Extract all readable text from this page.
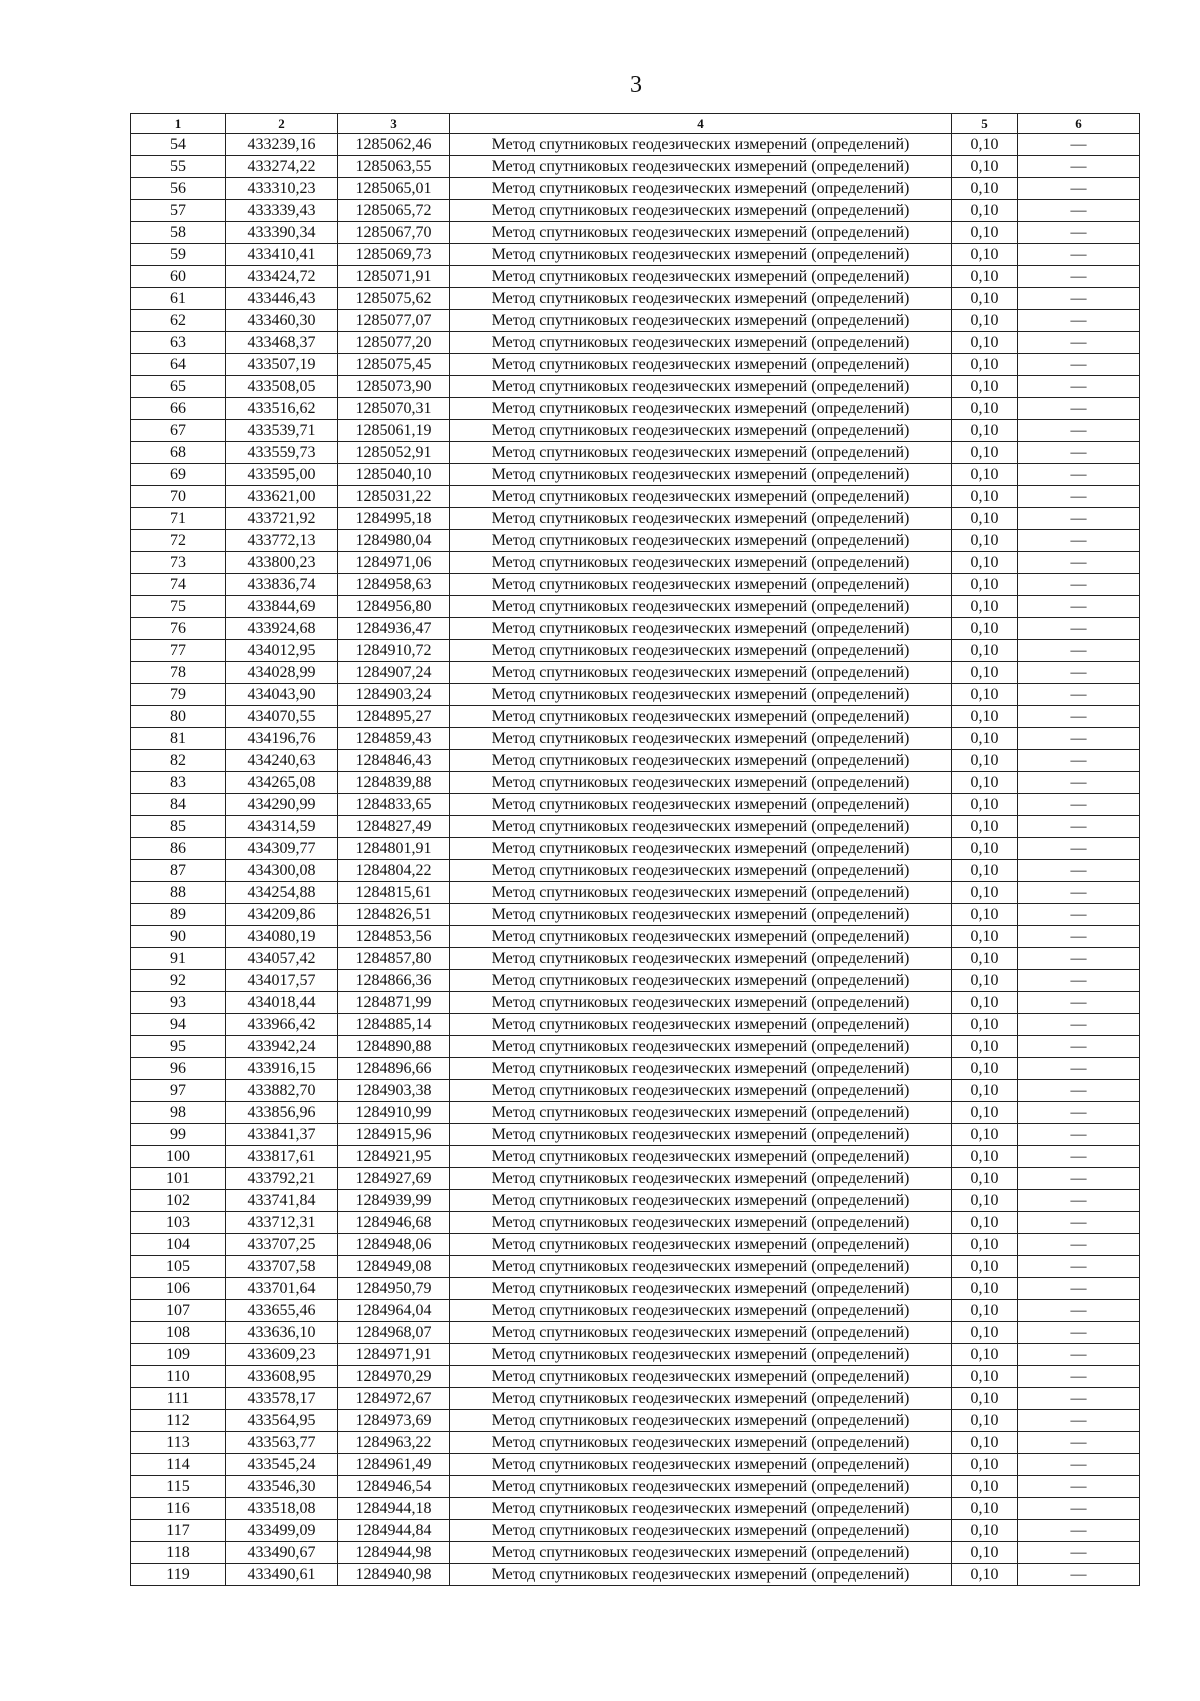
3
1	2	3	4	5	6
54	433239,16	1285062,46	Метод спутниковых геодезических измерений (определений)	0,10	—
55	433274,22	1285063,55	Метод спутниковых геодезических измерений (определений)	0,10	—
56	433310,23	1285065,01	Метод спутниковых геодезических измерений (определений)	0,10	—
57	433339,43	1285065,72	Метод спутниковых геодезических измерений (определений)	0,10	—
58	433390,34	1285067,70	Метод спутниковых геодезических измерений (определений)	0,10	—
59	433410,41	1285069,73	Метод спутниковых геодезических измерений (определений)	0,10	—
60	433424,72	1285071,91	Метод спутниковых геодезических измерений (определений)	0,10	—
61	433446,43	1285075,62	Метод спутниковых геодезических измерений (определений)	0,10	—
62	433460,30	1285077,07	Метод спутниковых геодезических измерений (определений)	0,10	—
63	433468,37	1285077,20	Метод спутниковых геодезических измерений (определений)	0,10	—
64	433507,19	1285075,45	Метод спутниковых геодезических измерений (определений)	0,10	—
65	433508,05	1285073,90	Метод спутниковых геодезических измерений (определений)	0,10	—
66	433516,62	1285070,31	Метод спутниковых геодезических измерений (определений)	0,10	—
67	433539,71	1285061,19	Метод спутниковых геодезических измерений (определений)	0,10	—
68	433559,73	1285052,91	Метод спутниковых геодезических измерений (определений)	0,10	—
69	433595,00	1285040,10	Метод спутниковых геодезических измерений (определений)	0,10	—
70	433621,00	1285031,22	Метод спутниковых геодезических измерений (определений)	0,10	—
71	433721,92	1284995,18	Метод спутниковых геодезических измерений (определений)	0,10	—
72	433772,13	1284980,04	Метод спутниковых геодезических измерений (определений)	0,10	—
73	433800,23	1284971,06	Метод спутниковых геодезических измерений (определений)	0,10	—
74	433836,74	1284958,63	Метод спутниковых геодезических измерений (определений)	0,10	—
75	433844,69	1284956,80	Метод спутниковых геодезических измерений (определений)	0,10	—
76	433924,68	1284936,47	Метод спутниковых геодезических измерений (определений)	0,10	—
77	434012,95	1284910,72	Метод спутниковых геодезических измерений (определений)	0,10	—
78	434028,99	1284907,24	Метод спутниковых геодезических измерений (определений)	0,10	—
79	434043,90	1284903,24	Метод спутниковых геодезических измерений (определений)	0,10	—
80	434070,55	1284895,27	Метод спутниковых геодезических измерений (определений)	0,10	—
81	434196,76	1284859,43	Метод спутниковых геодезических измерений (определений)	0,10	—
82	434240,63	1284846,43	Метод спутниковых геодезических измерений (определений)	0,10	—
83	434265,08	1284839,88	Метод спутниковых геодезических измерений (определений)	0,10	—
84	434290,99	1284833,65	Метод спутниковых геодезических измерений (определений)	0,10	—
85	434314,59	1284827,49	Метод спутниковых геодезических измерений (определений)	0,10	—
86	434309,77	1284801,91	Метод спутниковых геодезических измерений (определений)	0,10	—
87	434300,08	1284804,22	Метод спутниковых геодезических измерений (определений)	0,10	—
88	434254,88	1284815,61	Метод спутниковых геодезических измерений (определений)	0,10	—
89	434209,86	1284826,51	Метод спутниковых геодезических измерений (определений)	0,10	—
90	434080,19	1284853,56	Метод спутниковых геодезических измерений (определений)	0,10	—
91	434057,42	1284857,80	Метод спутниковых геодезических измерений (определений)	0,10	—
92	434017,57	1284866,36	Метод спутниковых геодезических измерений (определений)	0,10	—
93	434018,44	1284871,99	Метод спутниковых геодезических измерений (определений)	0,10	—
94	433966,42	1284885,14	Метод спутниковых геодезических измерений (определений)	0,10	—
95	433942,24	1284890,88	Метод спутниковых геодезических измерений (определений)	0,10	—
96	433916,15	1284896,66	Метод спутниковых геодезических измерений (определений)	0,10	—
97	433882,70	1284903,38	Метод спутниковых геодезических измерений (определений)	0,10	—
98	433856,96	1284910,99	Метод спутниковых геодезических измерений (определений)	0,10	—
99	433841,37	1284915,96	Метод спутниковых геодезических измерений (определений)	0,10	—
100	433817,61	1284921,95	Метод спутниковых геодезических измерений (определений)	0,10	—
101	433792,21	1284927,69	Метод спутниковых геодезических измерений (определений)	0,10	—
102	433741,84	1284939,99	Метод спутниковых геодезических измерений (определений)	0,10	—
103	433712,31	1284946,68	Метод спутниковых геодезических измерений (определений)	0,10	—
104	433707,25	1284948,06	Метод спутниковых геодезических измерений (определений)	0,10	—
105	433707,58	1284949,08	Метод спутниковых геодезических измерений (определений)	0,10	—
106	433701,64	1284950,79	Метод спутниковых геодезических измерений (определений)	0,10	—
107	433655,46	1284964,04	Метод спутниковых геодезических измерений (определений)	0,10	—
108	433636,10	1284968,07	Метод спутниковых геодезических измерений (определений)	0,10	—
109	433609,23	1284971,91	Метод спутниковых геодезических измерений (определений)	0,10	—
110	433608,95	1284970,29	Метод спутниковых геодезических измерений (определений)	0,10	—
111	433578,17	1284972,67	Метод спутниковых геодезических измерений (определений)	0,10	—
112	433564,95	1284973,69	Метод спутниковых геодезических измерений (определений)	0,10	—
113	433563,77	1284963,22	Метод спутниковых геодезических измерений (определений)	0,10	—
114	433545,24	1284961,49	Метод спутниковых геодезических измерений (определений)	0,10	—
115	433546,30	1284946,54	Метод спутниковых геодезических измерений (определений)	0,10	—
116	433518,08	1284944,18	Метод спутниковых геодезических измерений (определений)	0,10	—
117	433499,09	1284944,84	Метод спутниковых геодезических измерений (определений)	0,10	—
118	433490,67	1284944,98	Метод спутниковых геодезических измерений (определений)	0,10	—
119	433490,61	1284940,98	Метод спутниковых геодезических измерений (определений)	0,10	—
